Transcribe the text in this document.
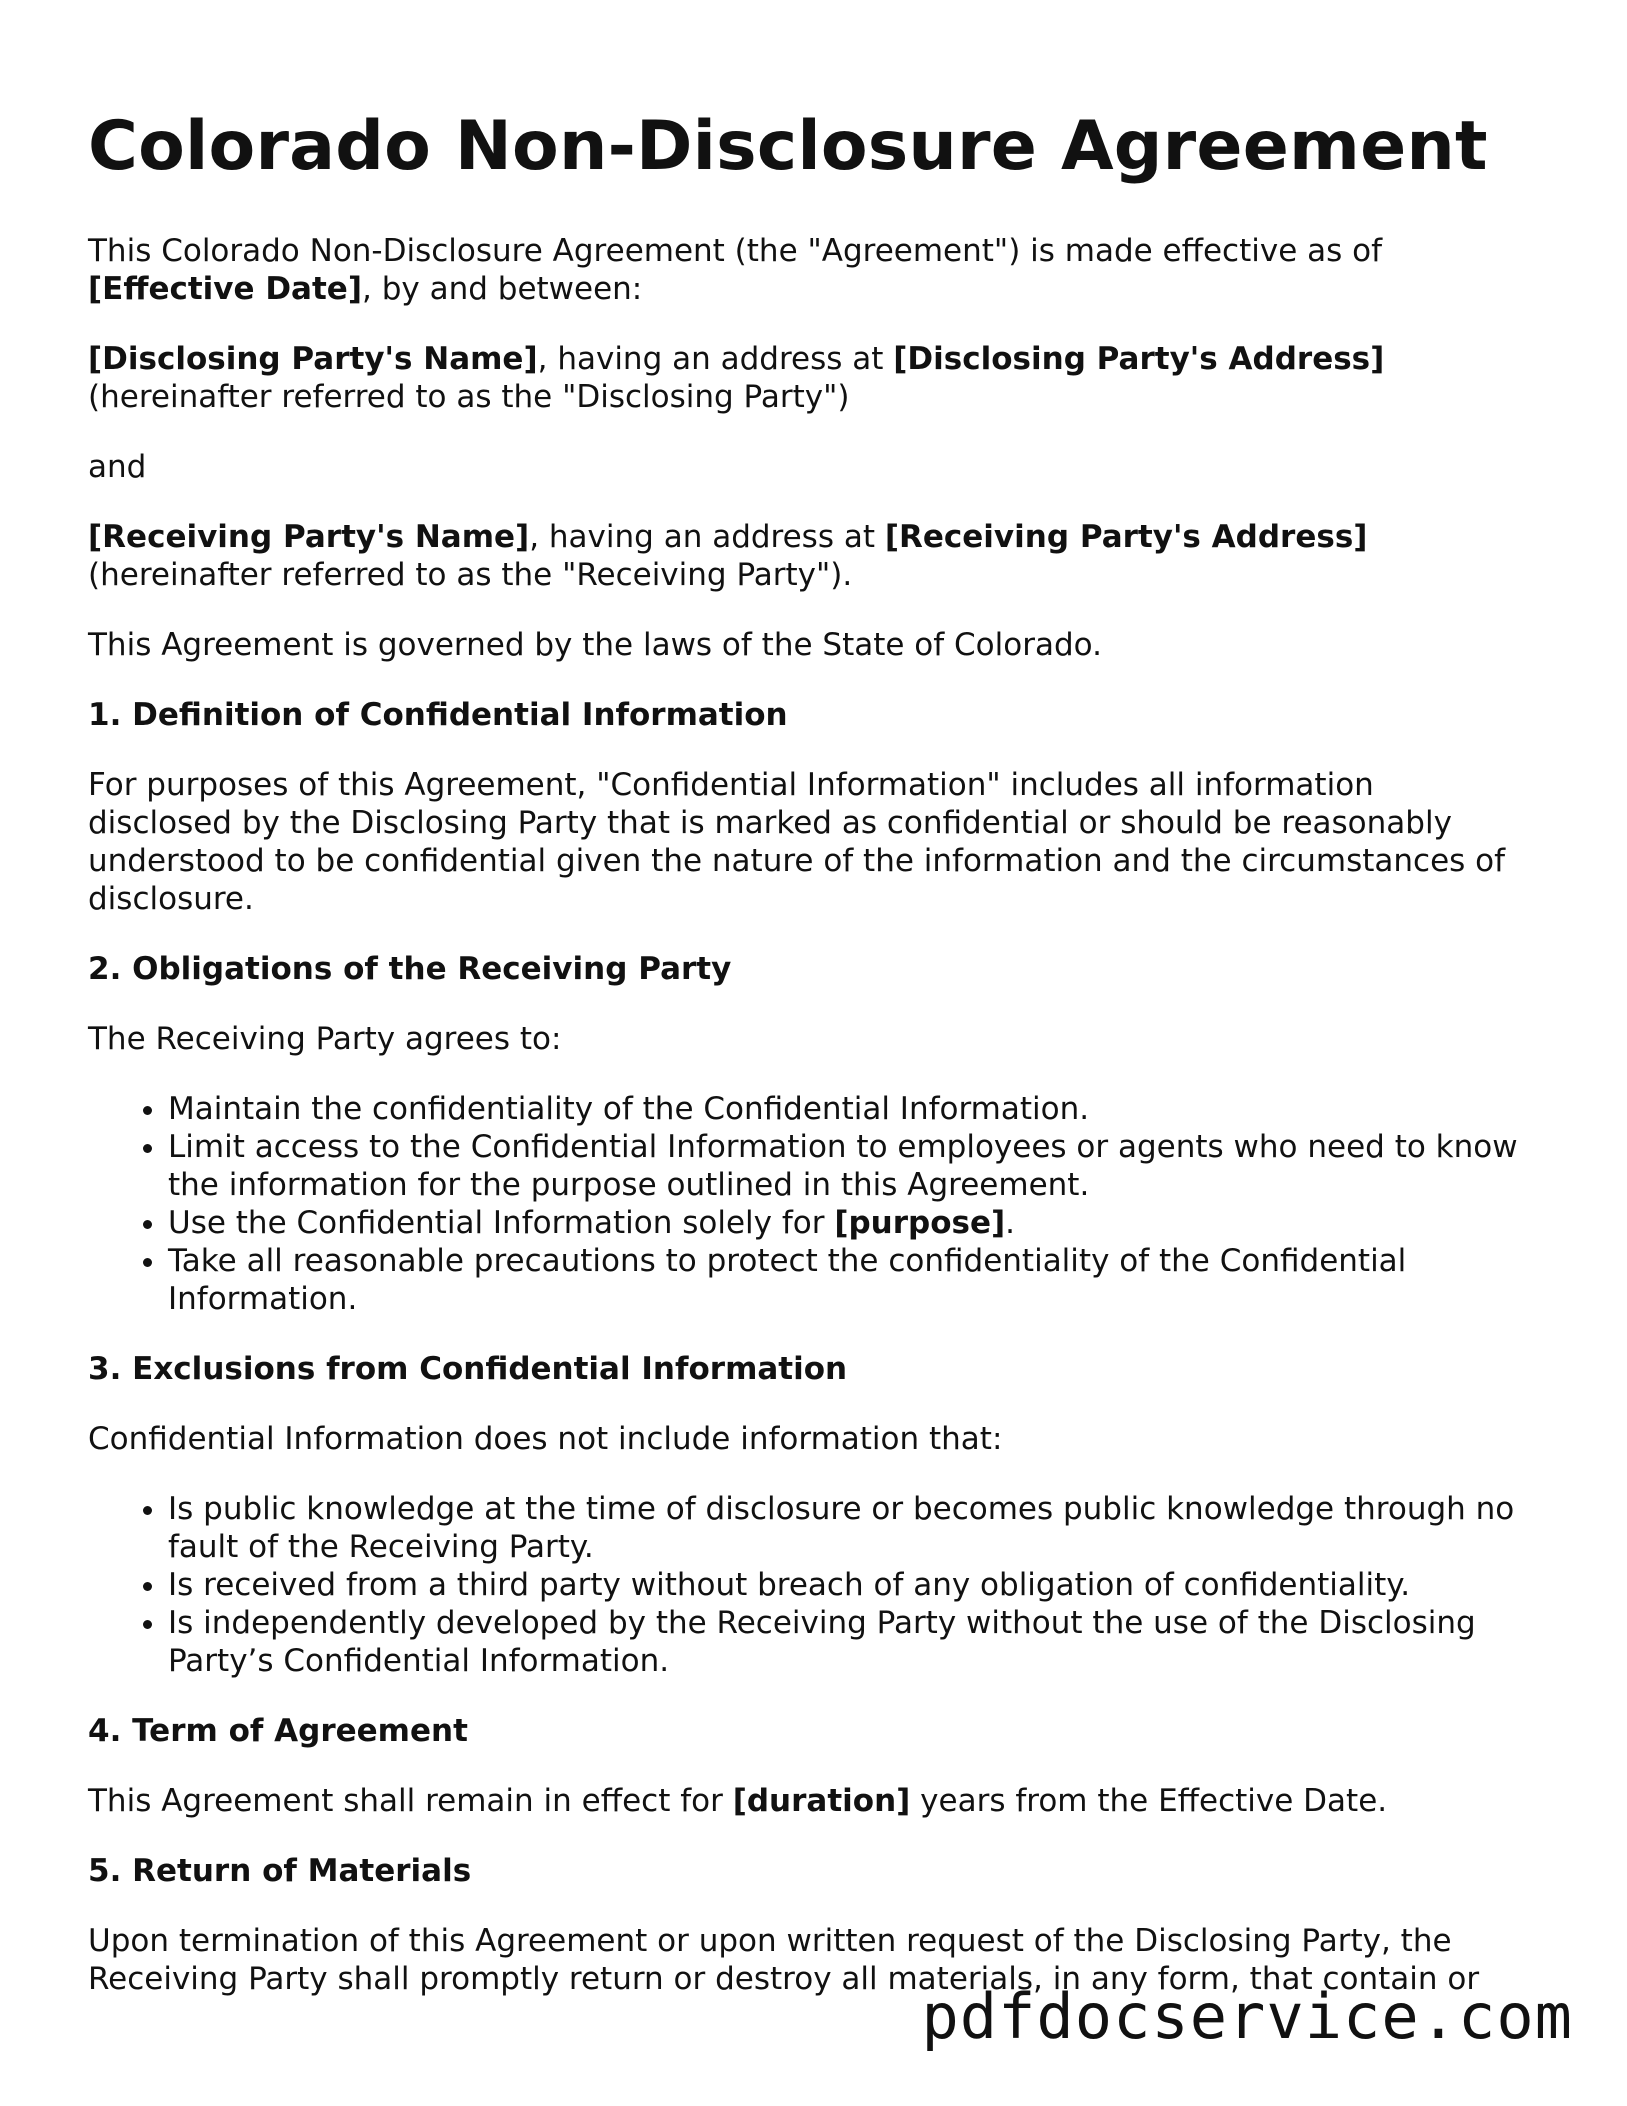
Colorado Non-Disclosure Agreement

This Colorado Non-Disclosure Agreement (the "Agreement") is made effective as of
[Effective Date], by and between:

[Disclosing Party's Name], having an address at [Disclosing Party's Address]
(hereinafter referred to as the "Disclosing Party")

and

[Receiving Party's Name], having an address at [Receiving Party's Address]
(hereinafter referred to as the "Receiving Party").

This Agreement is governed by the laws of the State of Colorado.

1. Definition of Confidential Information

For purposes of this Agreement, "Confidential Information" includes all information disclosed by the Disclosing Party that is marked as confidential or should be reasonably understood to be confidential given the nature of the information and the circumstances of disclosure.

2. Obligations of the Receiving Party

The Receiving Party agrees to:

• Maintain the confidentiality of the Confidential Information.
• Limit access to the Confidential Information to employees or agents who need to know the information for the purpose outlined in this Agreement.
• Use the Confidential Information solely for [purpose].
• Take all reasonable precautions to protect the confidentiality of the Confidential Information.
3. Exclusions from Confidential Information

Confidential Information does not include information that:

• Is public knowledge at the time of disclosure or becomes public knowledge through no fault of the Receiving Party.
• Is received from a third party without breach of any obligation of confidentiality.
• Is independently developed by the Receiving Party without the use of the Disclosing Party’s Confidential Information.
4. Term of Agreement

This Agreement shall remain in effect for [duration] years from the Effective Date.

5. Return of Materials

Upon termination of this Agreement or upon written request of the Disclosing Party, the Receiving Party shall promptly return or destroy all materials, in any form, that contain or

pdfdocservice.com
